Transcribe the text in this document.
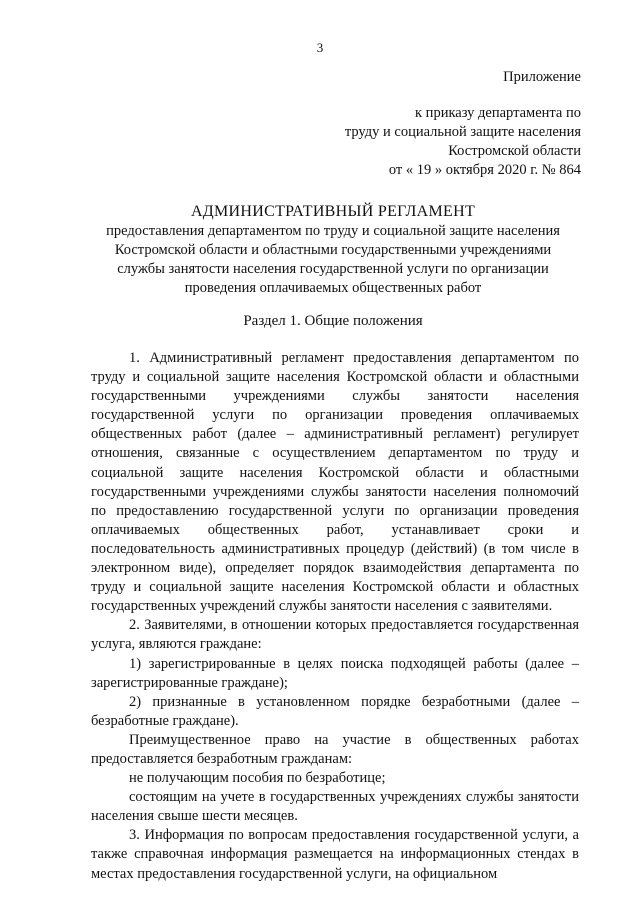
3
Приложение
к приказу департамента по
труду и социальной защите населения
Костромской области
от « 19 » октября 2020 г. № 864
АДМИНИСТРАТИВНЫЙ РЕГЛАМЕНТ
предоставления департаментом по труду и социальной защите населения
Костромской области и областными государственными учреждениями
службы занятости населения государственной услуги по организации
проведения оплачиваемых общественных работ
Раздел 1. Общие положения

1. Административный регламент предоставления департаментом по труду и социальной защите населения Костромской области и областными государственными учреждениями службы занятости населения государственной услуги по организации проведения оплачиваемых общественных работ (далее – административный регламент) регулирует отношения, связанные с осуществлением департаментом по труду и социальной защите населения Костромской области и областными государственными учреждениями службы занятости населения полномочий по предоставлению государственной услуги по организации проведения оплачиваемых общественных работ, устанавливает сроки и последовательность административных процедур (действий) (в том числе в электронном виде), определяет порядок взаимодействия департамента по труду и социальной защите населения Костромской области и областных государственных учреждений службы занятости населения с заявителями.

2. Заявителями, в отношении которых предоставляется государственная услуга, являются граждане:

1) зарегистрированные в целях поиска подходящей работы (далее – зарегистрированные граждане);

2) признанные в установленном порядке безработными (далее – безработные граждане).

Преимущественное право на участие в общественных работах предоставляется безработным гражданам:

не получающим пособия по безработице;

состоящим на учете в государственных учреждениях службы занятости населения свыше шести месяцев.

3. Информация по вопросам предоставления государственной услуги, а также справочная информация размещается на информационных стендах в местах предоставления государственной услуги, на официальном
